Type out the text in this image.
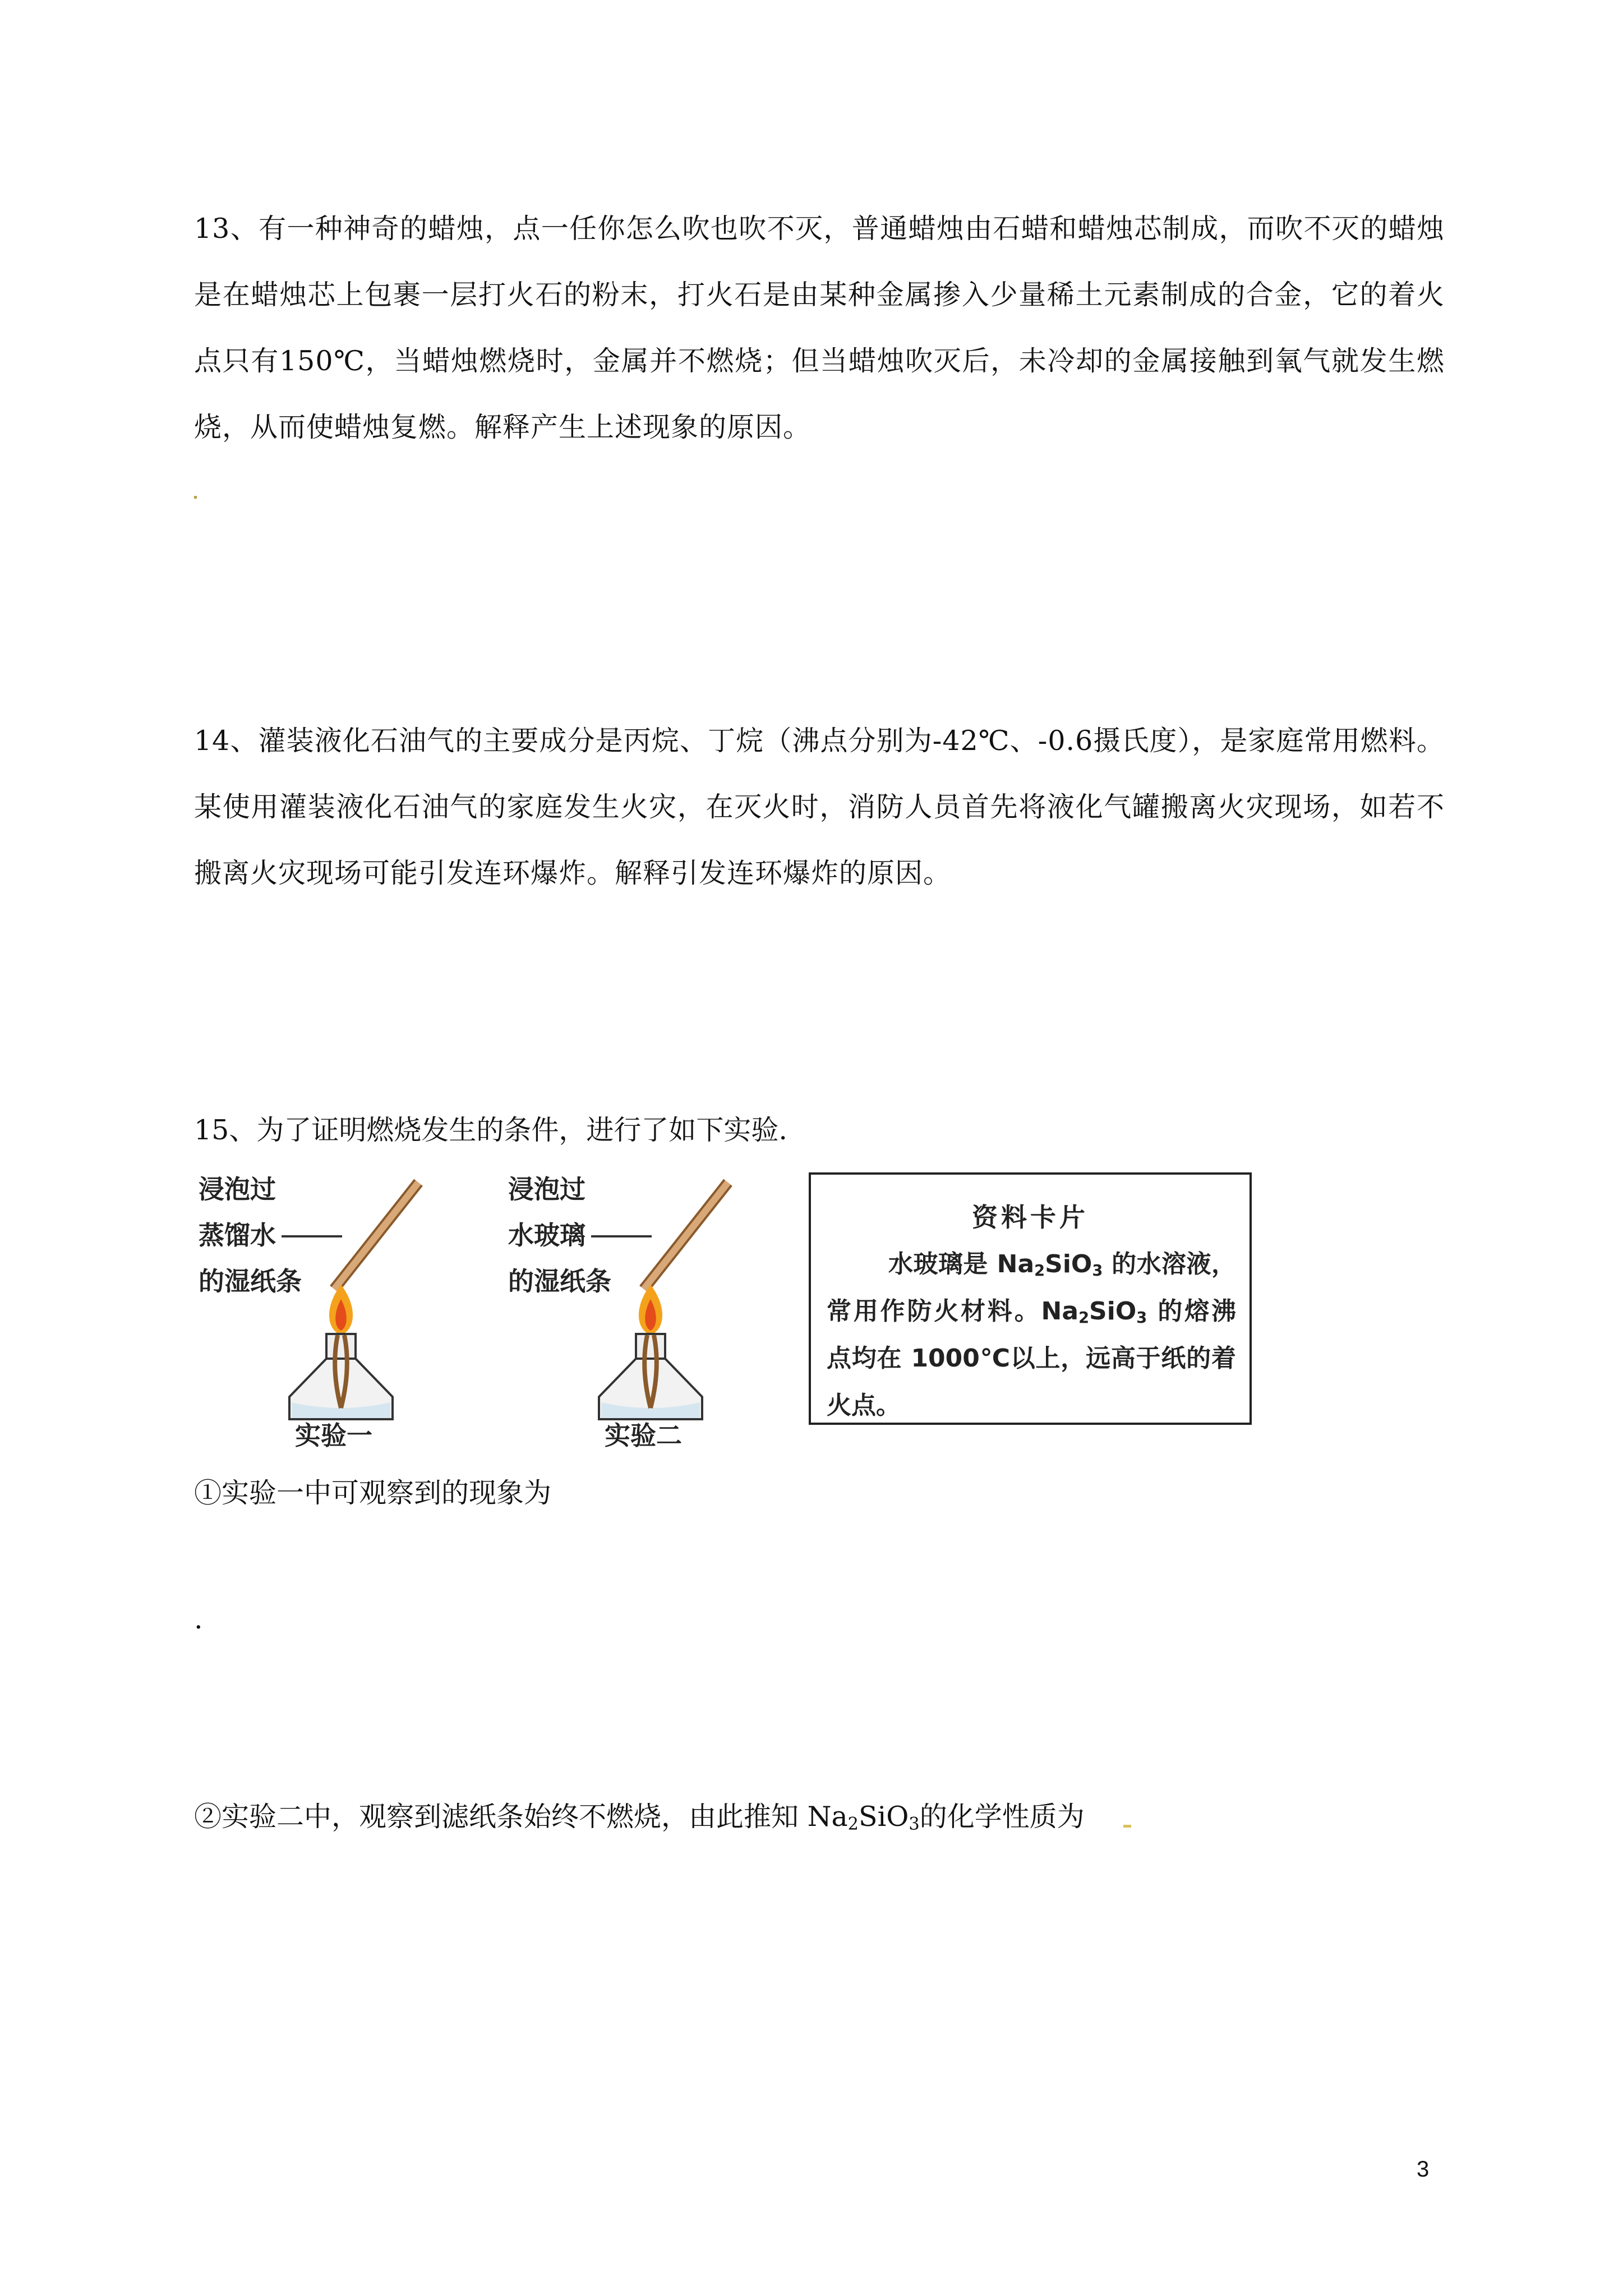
13、有一种神奇的蜡烛，点一任你怎么吹也吹不灭，普通蜡烛由石蜡和蜡烛芯制成，而吹不灭的蜡烛是在蜡烛芯上包裹一层打火石的粉末，打火石是由某种金属掺入少量稀土元素制成的合金，它的着火点只有150℃，当蜡烛燃烧时，金属并不燃烧；但当蜡烛吹灭后，未冷却的金属接触到氧气就发生燃烧，从而使蜡烛复燃。解释产生上述现象的原因。
14、灌装液化石油气的主要成分是丙烷、丁烷（沸点分别为-42℃、-0.6摄氏度），是家庭常用燃料。某使用灌装液化石油气的家庭发生火灾，在灭火时，消防人员首先将液化气罐搬离火灾现场，如若不搬离火灾现场可能引发连环爆炸。解释引发连环爆炸的原因。
15、为了证明燃烧发生的条件，进行了如下实验.
浸泡过
蒸馏水
的湿纸条
实验一
浸泡过
水玻璃
的湿纸条
实验二
资料卡片
水玻璃是 $Na_2SiO_3$ 的水溶液，常用作防火材料。$Na_2SiO_3$ 的熔沸点均在 1000℃以上，远高于纸的着火点。
①实验一中可观察到的现象为
.
②实验二中，观察到滤纸条始终不燃烧，由此推知 $Na_2SiO_3$的化学性质为
3
